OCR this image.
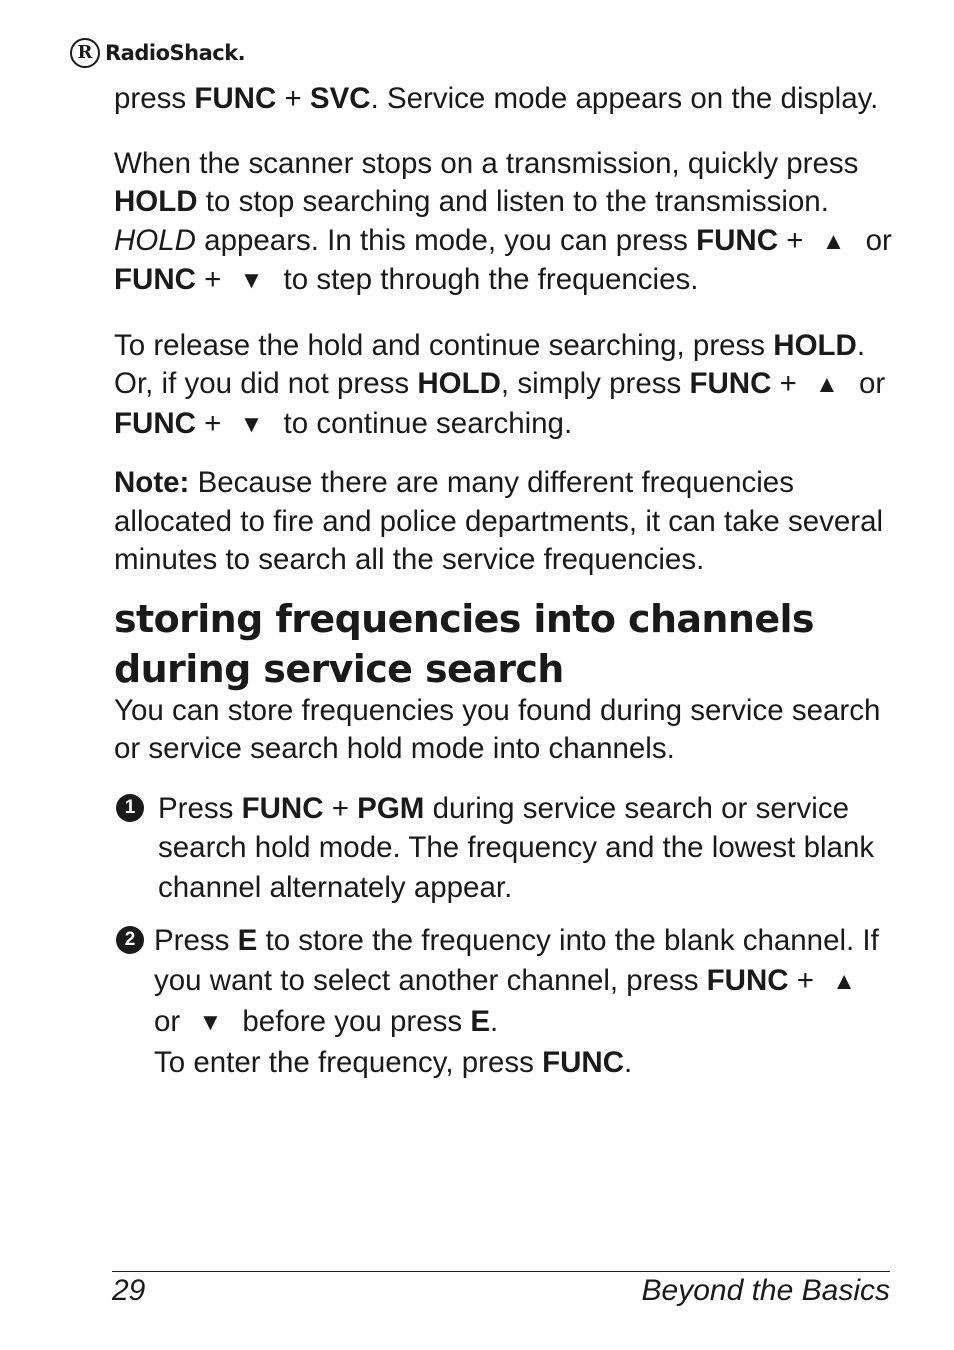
R RadioShack.

press FUNC + SVC. Service mode appears on the display.

When the scanner stops on a transmission, quickly press HOLD to stop searching and listen to the transmission. HOLD appears. In this mode, you can press FUNC + ▲ or FUNC + ▼ to step through the frequencies.

To release the hold and continue searching, press HOLD. Or, if you did not press HOLD, simply press FUNC + ▲ or FUNC + ▼ to continue searching.

Note: Because there are many different frequencies allocated to fire and police departments, it can take several minutes to search all the service frequencies.

storing frequencies into channels
during service search

You can store frequencies you found during service search or service search hold mode into channels.

1 Press FUNC + PGM during service search or service search hold mode. The frequency and the lowest blank channel alternately appear.
2 Press E to store the frequency into the blank channel. If you want to select another channel, press FUNC + ▲ or ▼ before you press E.
To enter the frequency, press FUNC.
29	Beyond the Basics
